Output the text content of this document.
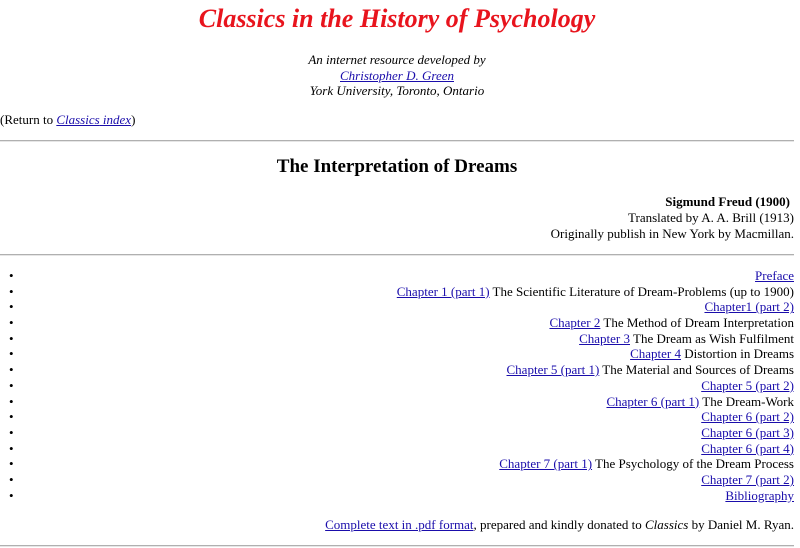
Classics in the History of Psychology
An internet resource developed by
Christopher D. Green
York University, Toronto, Ontario
(Return to Classics index)
The Interpretation of Dreams
Sigmund Freud (1900)
Translated by A. A. Brill (1913)
Originally publish in New York by Macmillan.
•	Preface
•	Chapter 1 (part 1) The Scientific Literature of Dream-Problems (up to 1900)
•	Chapter1 (part 2)
•	Chapter 2 The Method of Dream Interpretation
•	Chapter 3 The Dream as Wish Fulfilment
•	Chapter 4 Distortion in Dreams
•	Chapter 5 (part 1) The Material and Sources of Dreams
•	Chapter 5 (part 2)
•	Chapter 6 (part 1) The Dream-Work
•	Chapter 6 (part 2)
•	Chapter 6 (part 3)
•	Chapter 6 (part 4)
•	Chapter 7 (part 1) The Psychology of the Dream Process
•	Chapter 7 (part 2)
•	Bibliography
Complete text in .pdf format, prepared and kindly donated to Classics by Daniel M. Ryan.
